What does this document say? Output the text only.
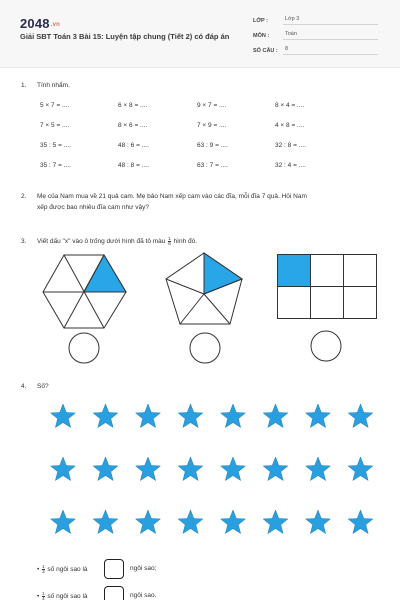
2048.vn
Giải SBT Toán 3 Bài 15: Luyện tập chung (Tiết 2) có đáp án
LỚP :	Lớp 3
MÔN :	Toán
SỐ CÂU :	8
1. Tính nhẩm.
5 × 7 = ....	6 × 8 = ....	9 × 7 = ....	8 × 4 = ....
7 × 5 = ....	8 × 6 = ....	7 × 9 = ....	4 × 8 = ....
35 : 5 = ....	48 : 6 = ....	63 : 9 = ....	32 : 8 = ....
35 : 7 = ....	48 : 8 = ....	63 : 7 = ....	32 : 4 = ....
2. Mẹ của Nam mua về 21 quả cam. Mẹ bảo Nam xếp cam vào các đĩa, mỗi đĩa 7 quả. Hỏi Nam
xếp được bao nhiêu đĩa cam như vậy?
3. Viết dấu "x" vào ô trống dưới hình đã tô màu $\frac{1}{6}$ hình đó.
4. Số?
• $\frac{1}{3}$ số ngôi sao là	ngôi sao;
• $\frac{1}{4}$ số ngôi sao là	ngôi sao.
